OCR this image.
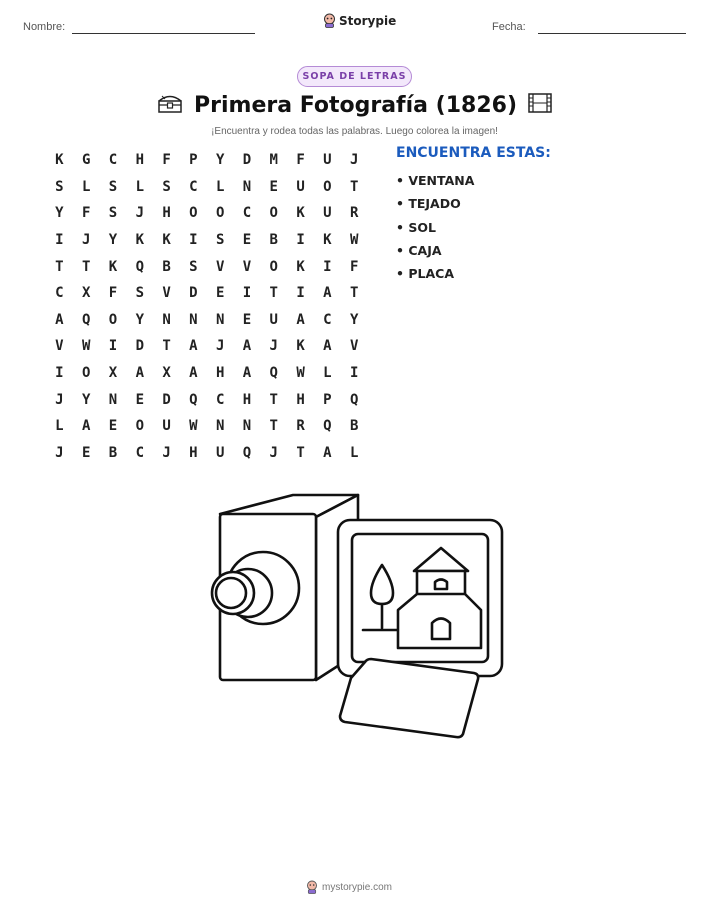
Nombre:	Storypie	Fecha:
SOPA DE LETRAS
Primera Fotografía (1826)
¡Encuentra y rodea todas las palabras. Luego colorea la imagen!
K	G	C	H	F	P	Y	D	M	F	U	J
S	L	S	L	S	C	L	N	E	U	O	T
Y	F	S	J	H	O	O	C	O	K	U	R
I	J	Y	K	K	I	S	E	B	I	K	W
T	T	K	Q	B	S	V	V	O	K	I	F
C	X	F	S	V	D	E	I	T	I	A	T
A	Q	O	Y	N	N	N	E	U	A	C	Y
V	W	I	D	T	A	J	A	J	K	A	V
I	O	X	A	X	A	H	A	Q	W	L	I
J	Y	N	E	D	Q	C	H	T	H	P	Q
L	A	E	O	U	W	N	N	T	R	Q	B
J	E	B	C	J	H	U	Q	J	T	A	L
ENCUENTRA ESTAS:
• VENTANA
• TEJADO
• SOL
• CAJA
• PLACA
mystorypie.com
